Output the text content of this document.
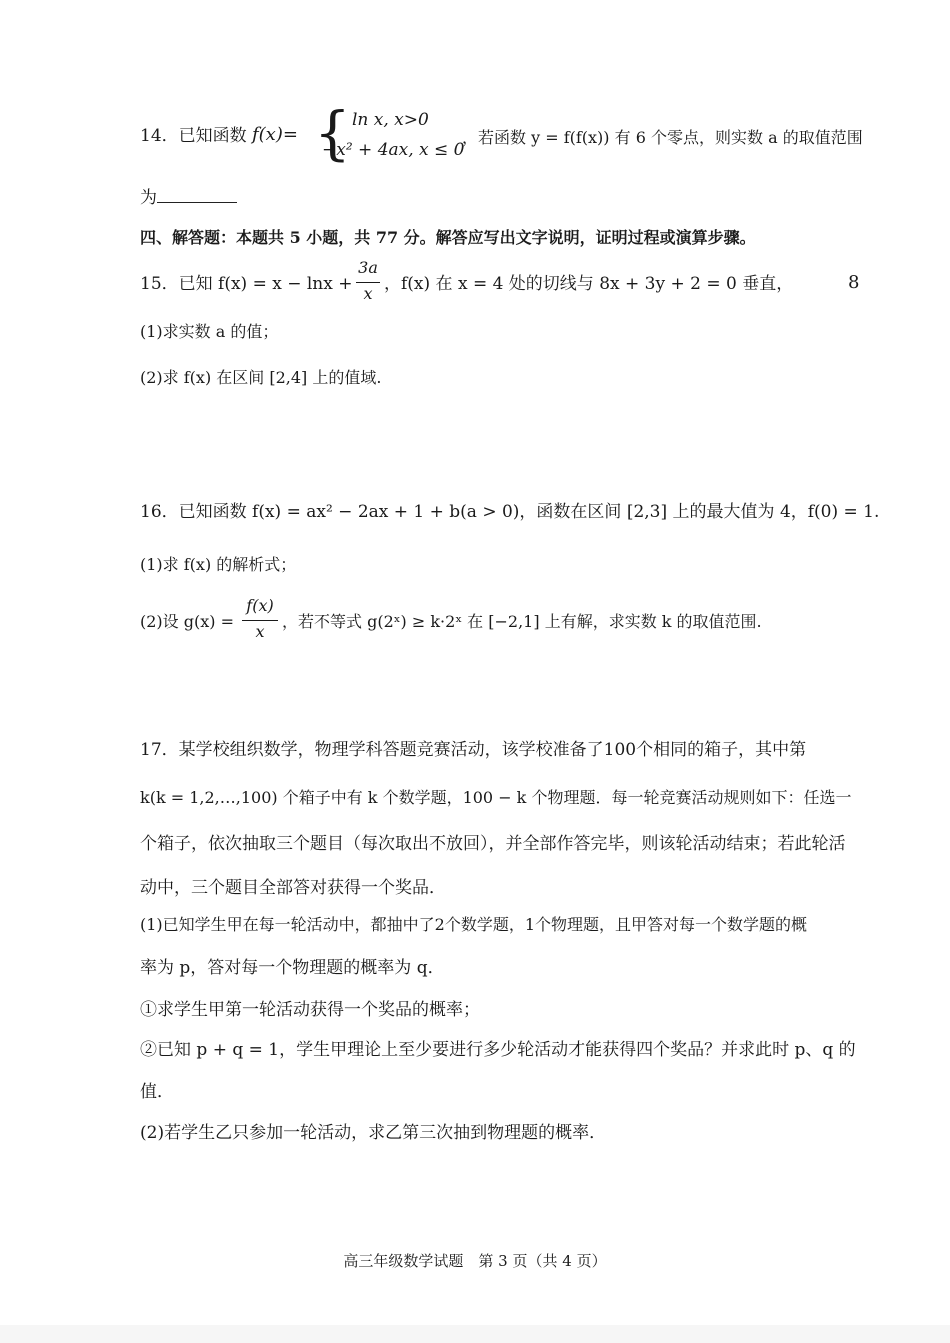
14．已知函数 f(x)= { ln x, x>0
−x² + 4ax, x ≤ 0
，若函数 y = f(f(x)) 有 6 个零点，则实数 a 的取值范围
为
四、解答题：本题共 5 小题，共 77 分。解答应写出文字说明，证明过程或演算步骤。
15．已知 f(x) = x − lnx +
3a
x ，f(x) 在 x = 4 处的切线与 8x + 3y + 2 = 0 垂直，	8
(1)求实数 a 的值；
(2)求 f(x) 在区间 [2,4] 上的值域.
16．已知函数 f(x) = ax² − 2ax + 1 + b(a > 0)，函数在区间 [2,3] 上的最大值为 4，f(0) = 1.
(1)求 f(x) 的解析式；
(2)设 g(x) =
f(x)
x
，若不等式 g(2ˣ) ≥ k·2ˣ 在 [−2,1] 上有解，求实数 k 的取值范围.
17．某学校组织数学，物理学科答题竞赛活动，该学校准备了100个相同的箱子，其中第
k(k = 1,2,…,100) 个箱子中有 k 个数学题，100 − k 个物理题．每一轮竞赛活动规则如下：任选一
个箱子，依次抽取三个题目（每次取出不放回），并全部作答完毕，则该轮活动结束；若此轮活
动中，三个题目全部答对获得一个奖品．
(1)已知学生甲在每一轮活动中，都抽中了2个数学题，1个物理题，且甲答对每一个数学题的概
率为 p，答对每一个物理题的概率为 q．
①求学生甲第一轮活动获得一个奖品的概率；
②已知 p + q = 1，学生甲理论上至少要进行多少轮活动才能获得四个奖品？并求此时 p、q 的
值．
(2)若学生乙只参加一轮活动，求乙第三次抽到物理题的概率．
高三年级数学试题　第 3 页（共 4 页）
